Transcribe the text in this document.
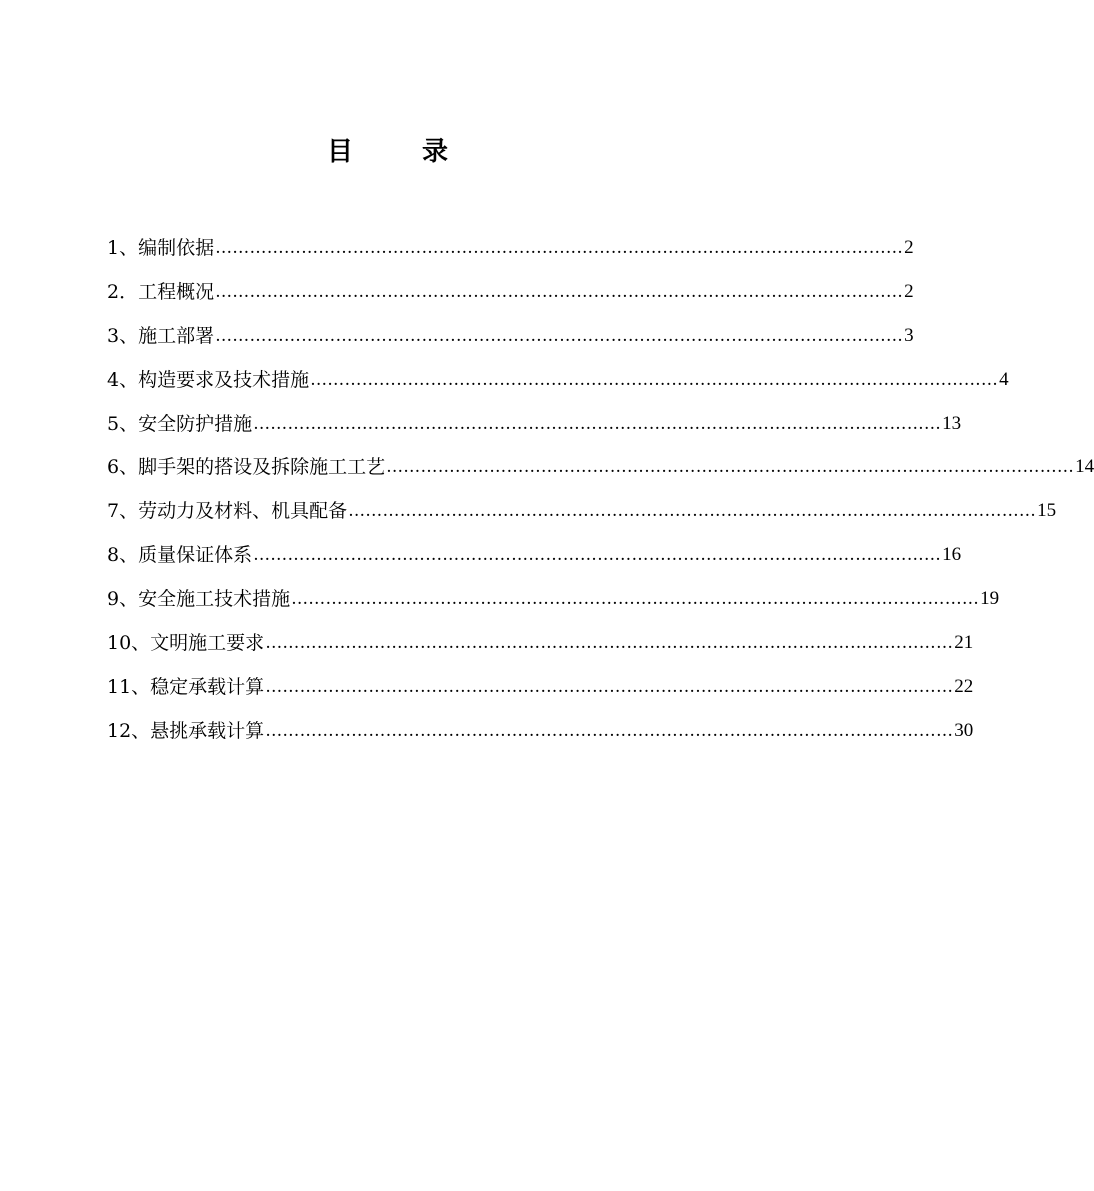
目 录
1、编制依据 ………………………………………………………………………………………………………… 2
2．工程概况 ………………………………………………………………………………………………………… 2
3、施工部署 ………………………………………………………………………………………………………… 3
4、构造要求及技术措施 ………………………………………………………………………………………………………… 4
5、安全防护措施 ………………………………………………………………………………………………………… 13
6、脚手架的搭设及拆除施工工艺 ………………………………………………………………………………………………………… 14
7、劳动力及材料、机具配备 ………………………………………………………………………………………………………… 15
8、质量保证体系 ………………………………………………………………………………………………………… 16
9、安全施工技术措施 ………………………………………………………………………………………………………… 19
10、文明施工要求 ………………………………………………………………………………………………………… 21
11、稳定承载计算 ………………………………………………………………………………………………………… 22
12、悬挑承载计算 ………………………………………………………………………………………………………… 30
